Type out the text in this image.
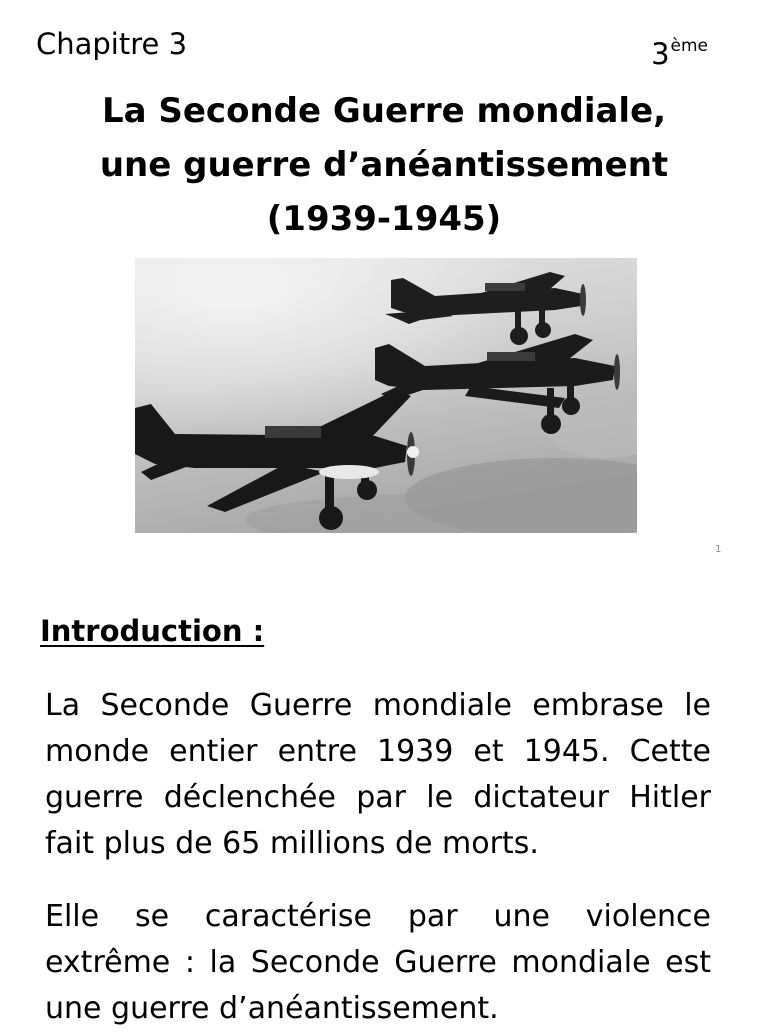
Chapitre 3	3ème
La Seconde Guerre mondiale,
une guerre d’anéantissement
(1939-1945)
1
Introduction :
La Seconde Guerre mondiale embrase le monde entier entre 1939 et 1945. Cette guerre déclenchée par le dictateur Hitler fait plus de 65 millions de morts.
Elle se caractérise par une violence extrême : la Seconde Guerre mondiale est une guerre d’anéantissement.
